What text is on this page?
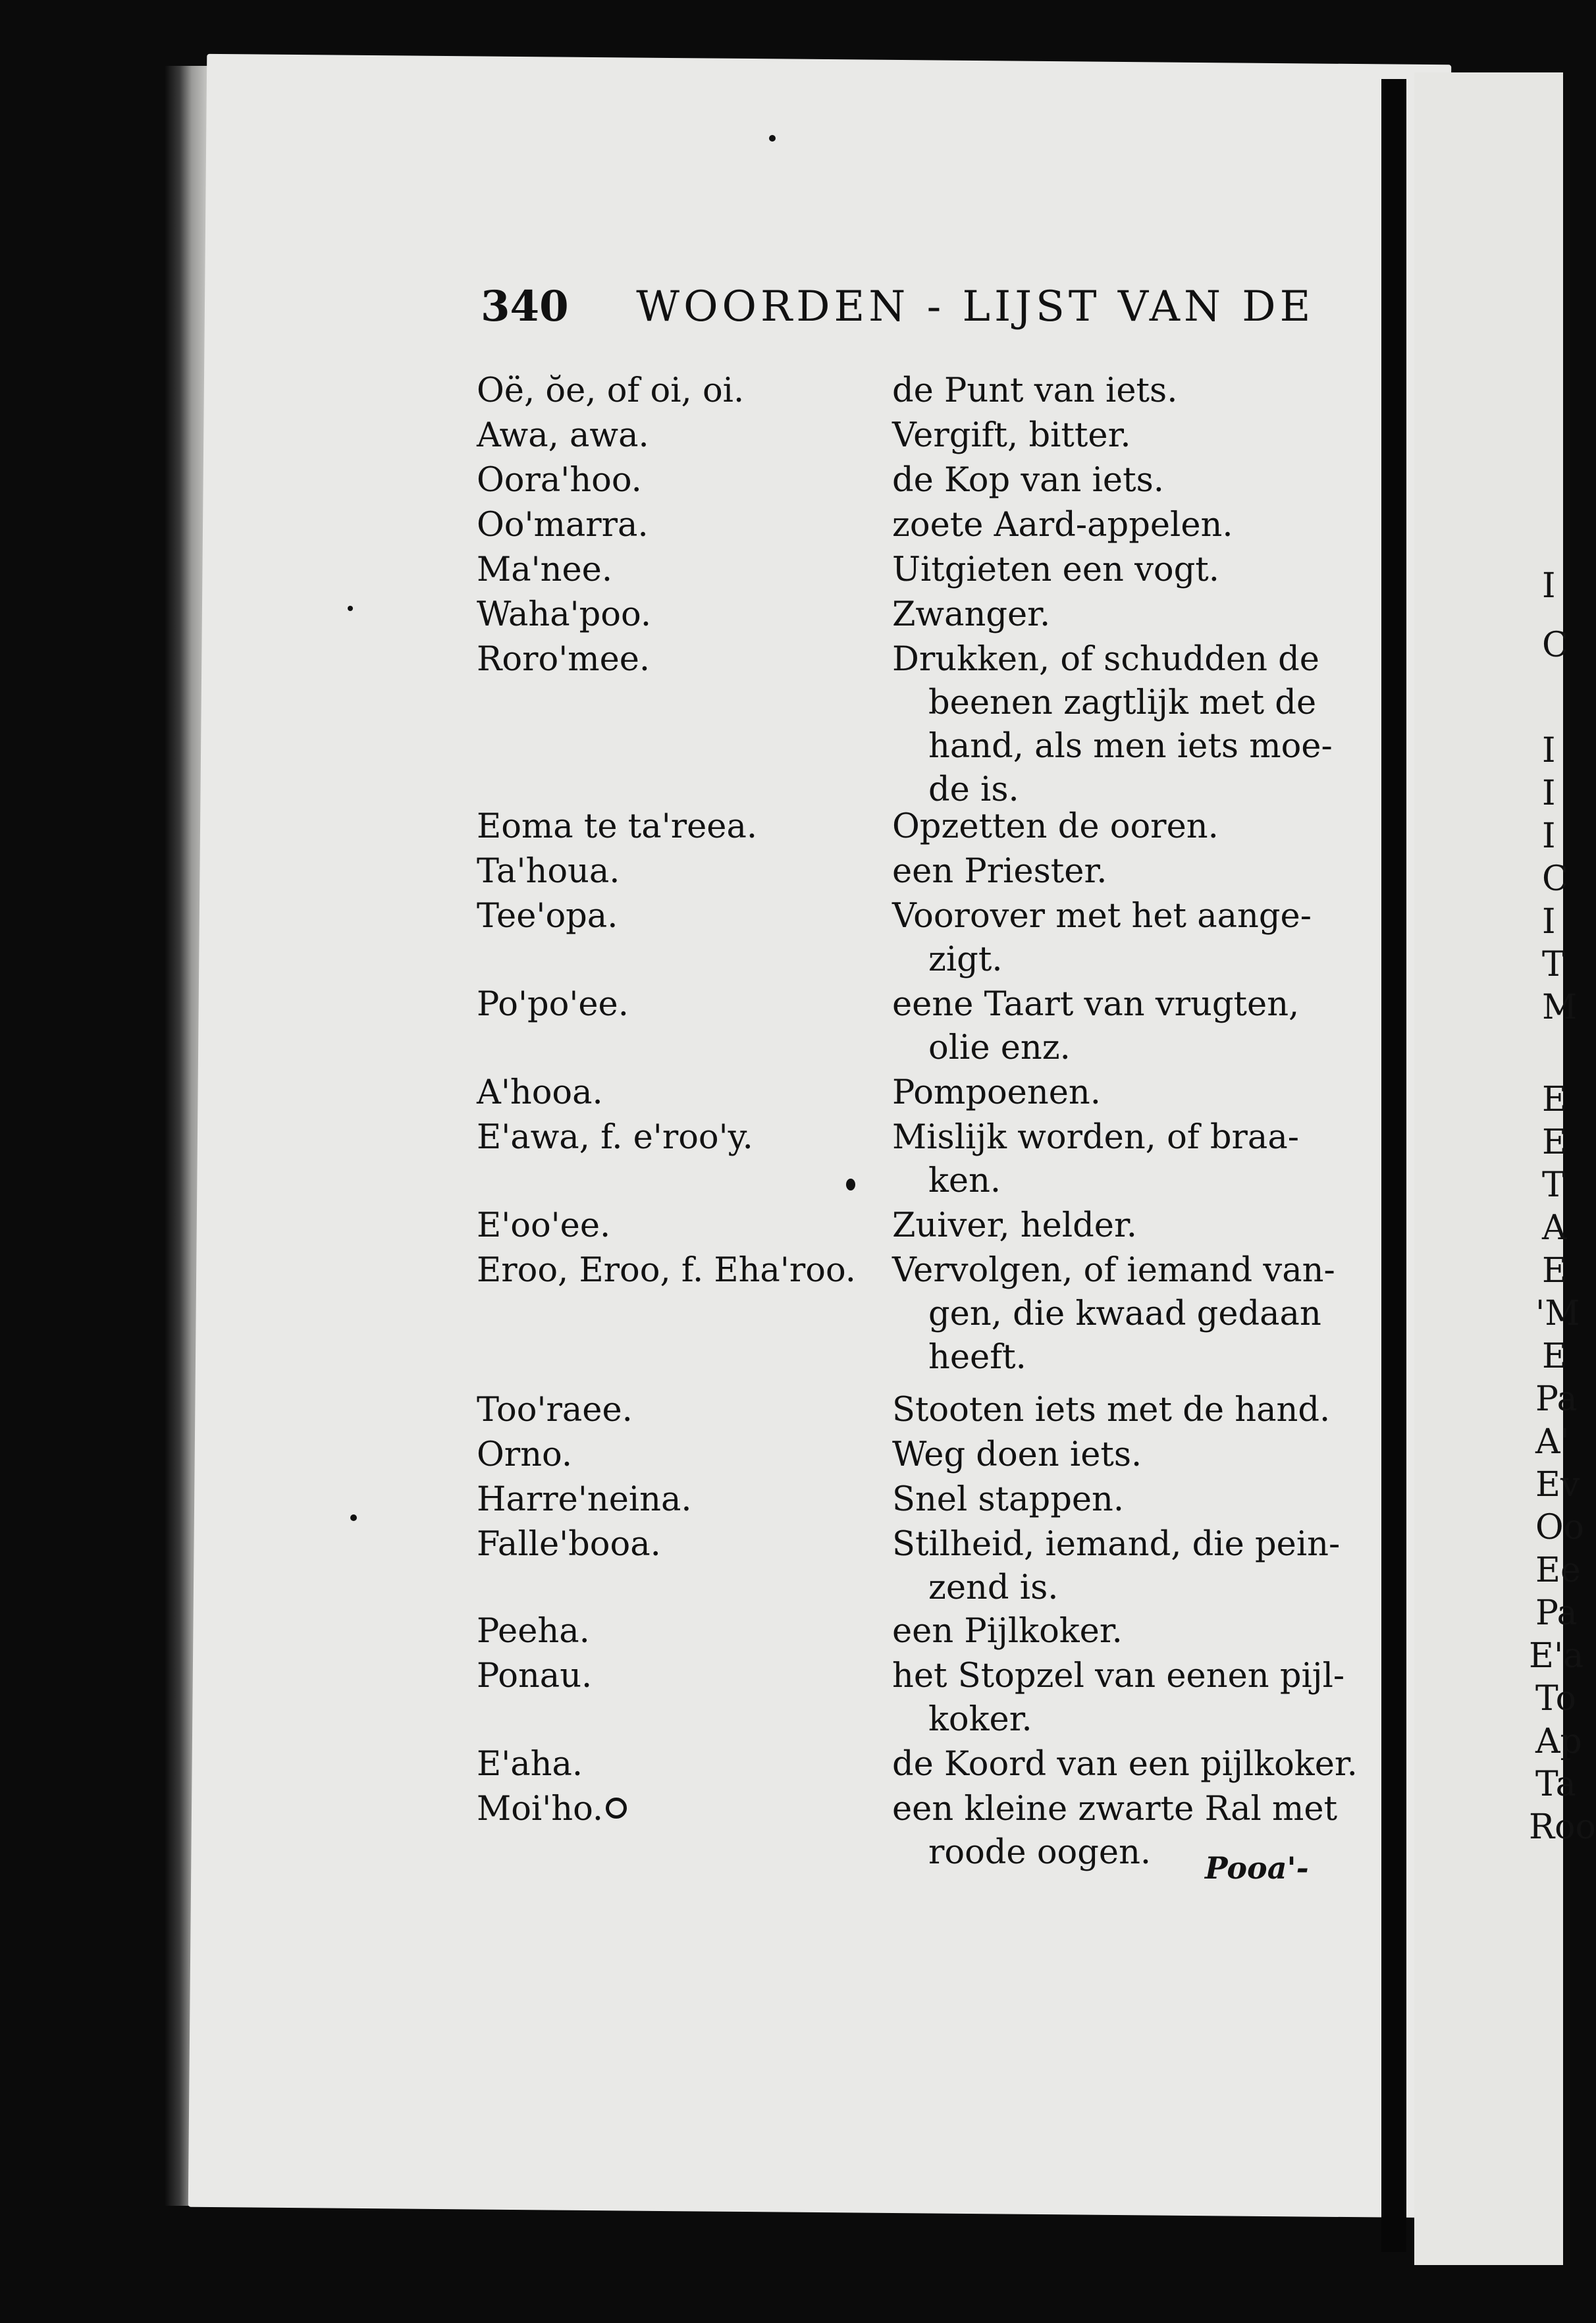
340 WOORDEN - LIJST VAN DE
Oë, ŏe, of oi, oi.	de Punt van iets.
Awa, awa.	Vergift, bitter.
Oora'hoo.	de Kop van iets.
Oo'marra.	zoete Aard-appelen.
Ma'nee.	Uitgieten een vogt.
Waha'poo.	Zwanger.
Roro'mee.	Drukken, of schudden de
beenen zagtlijk met de
hand, als men iets moe-
de is.
Eoma te ta'reea.	Opzetten de ooren.
Ta'houa.	een Priester.
Tee'opa.	Voorover met het aange-
zigt.
Po'po'ee.	eene Taart van vrugten,
olie enz.
A'hooa.	Pompoenen.
E'awa, f. e'roo'y.	Mislijk worden, of braa-
ken.
E'oo'ee.	Zuiver, helder.
Eroo, Eroo, f. Eha'roo. Vervolgen, of iemand van-
gen, die kwaad gedaan
heeft.
Too'raee.	Stooten iets met de hand.
Orno.	Weg doen iets.
Harre'neina.	Snel stappen.
Falle'booa.	Stilheid, iemand, die pein-
zend is.
Peeha.	een Pijlkoker.
Ponau.	het Stopzel van eenen pijl-
koker.
E'aha.	de Koord van een pijlkoker.
Moi'ho.	een kleine zwarte Ral met
roode oogen. Pooa'-
I
C
I
I
I
C
I
T
M
E
E
T
A
E
'M
E
Pa
A'
Ev
Oo
Ee
Pa
E'a
To
Ap
Ta
Roo
